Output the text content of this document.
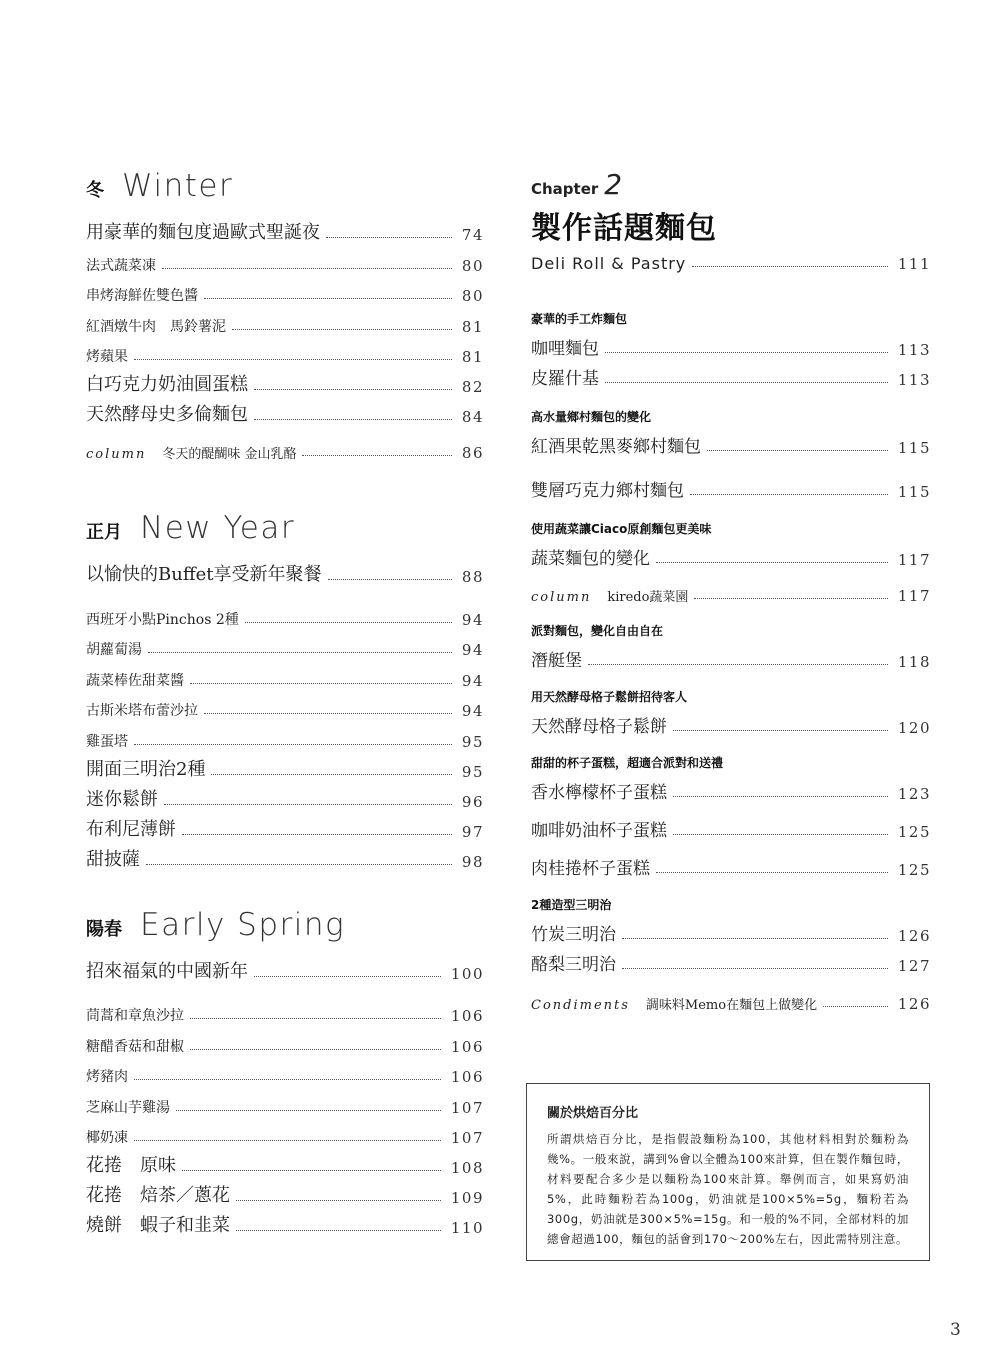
冬 Winter
用豪華的麵包度過歐式聖誕夜	74
法式蔬菜凍	80
串烤海鮮佐雙色醬	80
紅酒燉牛肉　馬鈴薯泥	81
烤蘋果	81
白巧克力奶油圓蛋糕	82
天然酵母史多倫麵包	84
column 冬天的醍醐味 金山乳酪	86
正月 New Year
以愉快的Buffet享受新年聚餐	88
西班牙小點Pinchos 2種	94
胡蘿蔔湯	94
蔬菜棒佐甜菜醬	94
古斯米塔布蕾沙拉	94
雞蛋塔	95
開面三明治2種	95
迷你鬆餅	96
布利尼薄餅	97
甜披薩	98
陽春 Early Spring
招來福氣的中國新年	100
茼蒿和章魚沙拉	106
糖醋香菇和甜椒	106
烤豬肉	106
芝麻山芋雞湯	107
椰奶凍	107
花捲　原味	108
花捲　焙茶／蔥花	109
燒餅　蝦子和韭菜	110
Chapter 2
製作話題麵包
Deli Roll & Pastry	111
豪華的手工炸麵包
咖哩麵包	113
皮羅什基	113
高水量鄉村麵包的變化
紅酒果乾黑麥鄉村麵包	115
雙層巧克力鄉村麵包	115
使用蔬菜讓Ciaco原創麵包更美味
蔬菜麵包的變化	117
column kiredo蔬菜園	117
派對麵包，變化自由自在
潛艇堡	118
用天然酵母格子鬆餅招待客人
天然酵母格子鬆餅	120
甜甜的杯子蛋糕，超適合派對和送禮
香水檸檬杯子蛋糕	123
咖啡奶油杯子蛋糕	125
肉桂捲杯子蛋糕	125
2種造型三明治
竹炭三明治	126
酪梨三明治	127
Condiments 調味料Memo在麵包上做變化	126
關於烘焙百分比
所謂烘焙百分比，是指假設麵粉為100，其他材料相對於麵粉為幾%。一般來說，講到%會以全體為100來計算，但在製作麵包時，材料要配合多少是以麵粉為100來計算。舉例而言，如果寫奶油5%，此時麵粉若為100g，奶油就是100×5%=5g，麵粉若為300g，奶油就是300×5%=15g。和一般的%不同，全部材料的加總會超過100，麵包的話會到170～200%左右，因此需特別注意。
3
